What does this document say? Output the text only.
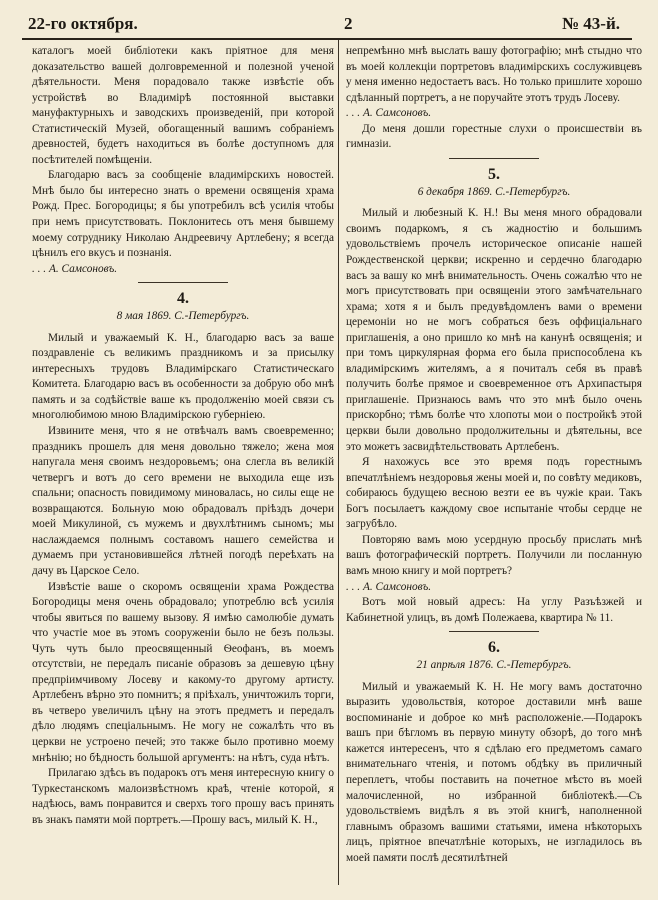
22-го октября.	2	№ 43-й.

каталогъ моей библіотеки какъ пріятное для меня доказательство вашей долговременной и полезной ученой дѣятельности. Меня порадовало также извѣстіе объ устройствѣ во Владимірѣ постоянной выставки мануфактурныхъ и заводскихъ произведеній, при которой Статистическій Музей, обогащенный вашимъ собраніемъ древностей, будетъ находиться въ болѣе доступномъ для посѣтителей помѣщеніи.

Благодарю васъ за сообщеніе владимірскихъ новостей. Мнѣ было бы интересно знать о времени освященія храма Рожд. Прес. Богородицы; я бы употребилъ всѣ усилія чтобы при немъ присутствовать. Поклонитесь отъ меня бывшему моему сотруднику Николаю Андреевичу Артлебену; я всегда цѣнилъ его вкусъ и познанія.

. . . А. Самсоновъ.

4.
8 мая 1869. С.-Петербургъ.

Милый и уважаемый К. Н., благодарю васъ за ваше поздравленіе съ великимъ праздникомъ и за присылку интересныхъ трудовъ Владимірскаго Статистическаго Комитета. Благодарю васъ въ особенности за добрую обо мнѣ память и за содѣйствіе ваше къ продолженію моей связи съ многолюбимою мною Владимірскою губерніею.

Извините меня, что я не отвѣчалъ вамъ своевременно; праздникъ прошелъ для меня довольно тяжело; жена моя напугала меня своимъ нездоровьемъ; она слегла въ великій четвергъ и вотъ до сего времени не выходила еще изъ спальни; опасность повидимому миновалась, но силы еще не возвращаются. Больную мою обрадовалъ пріѣздъ дочери моей Микулиной, съ мужемъ и двухлѣтнимъ сыномъ; мы наслаждаемся полнымъ составомъ нашего семейства и думаемъ при установившейся лѣтней погодѣ переѣхать на дачу въ Царское Село.

Извѣстіе ваше о скоромъ освященіи храма Рождества Богородицы меня очень обрадовало; употреблю всѣ усилія чтобы явиться по вашему вызову. Я имѣю самолюбіе думать что участіе мое въ этомъ сооруженіи было не безъ пользы. Чуть чуть было преосвященный Ѳеофанъ, въ моемъ отсутствіи, не передалъ писаніе образовъ за дешевую цѣну предпріимчивому Лосеву и какому-то другому артисту. Артлебенъ вѣрно это помнитъ; я пріѣхалъ, уничтожилъ торги, въ четверо увеличилъ цѣну на этотъ предметъ и передалъ дѣло людямъ спеціальнымъ. Не могу не сожалѣть что въ церкви не устроено печей; это также было противно моему мнѣнію; но бѣдность большой аргументъ: на нѣтъ, суда нѣтъ.

Прилагаю здѣсь въ подарокъ отъ меня интересную книгу о Туркестанскомъ малоизвѣстномъ краѣ, чтеніе которой, я надѣюсь, вамъ понравится и сверхъ того прошу васъ принять въ знакъ памяти мой портретъ.—Прошу васъ, милый К. Н.,

непремѣнно мнѣ выслать вашу фотографію; мнѣ стыдно что въ моей коллекціи портретовъ владимірскихъ сослуживцевъ у меня именно недостаетъ васъ. Но только пришлите хорошо сдѣланный портретъ, а не поручайте этотъ трудъ Лосеву.

. . . А. Самсоновъ.

До меня дошли горестные слухи о происшествіи въ гимназіи.

5.
6 декабря 1869. С.-Петербургъ.

Милый и любезный К. Н.! Вы меня много обрадовали своимъ подаркомъ, я съ жадностію и большимъ удовольствіемъ прочелъ историческое описаніе нашей Рождественской церкви; искренно и сердечно благодарю васъ за вашу ко мнѣ внимательность. Очень сожалѣю что не могъ присутствовать при освященіи этого замѣчательнаго храма; хотя я и былъ предувѣдомленъ вами о времени церемоніи но не могъ собраться безъ оффиціальнаго приглашенія, а оно пришло ко мнѣ на канунѣ освященія; и при томъ циркулярная форма его была приспособлена къ владимірскимъ жителямъ, а я почиталъ себя въ правѣ получить болѣе прямое и своевременное отъ Архипастыря приглашеніе. Признаюсь вамъ что это мнѣ было очень прискорбно; тѣмъ болѣе что хлопоты мои о постройкѣ этой церкви были довольно продолжительны и дѣятельны, все это можетъ засвидѣтельствовать Артлебенъ.

Я нахожусь все это время подъ горестнымъ впечатлѣніемъ нездоровья жены моей и, по совѣту медиковъ, собираюсь будущею весною везти ее въ чужіе краи. Такъ Богъ посылаетъ каждому свое испытаніе чтобы сердце не загрубѣло.

Повторяю вамъ мою усердную просьбу прислать мнѣ вашъ фотографическій портретъ. Получили ли посланную вамъ мною книгу и мой портретъ?

. . . А. Самсоновъ.

Вотъ мой новый адресъ: На углу Разъѣзжей и Кабинетной улицъ, въ домѣ Полежаева, квартира № 11.

6.
21 апрѣля 1876. С.-Петербургъ.

Милый и уважаемый К. Н. Не могу вамъ достаточно выразить удовольствія, которое доставили мнѣ ваше воспоминаніе и доброе ко мнѣ расположеніе.—Подарокъ вашъ при бѣгломъ въ первую минуту обзорѣ, до того мнѣ кажется интересенъ, что я сдѣлаю его предметомъ самаго внимательнаго чтенія, и потомъ обдѣку въ приличный переплетъ, чтобы поставить на почетное мѣсто въ моей малочисленной, но избранной библіотекѣ.—Съ удовольствіемъ видѣлъ я въ этой книгѣ, наполненной главнымъ образомъ вашими статьями, имена нѣкоторыхъ лицъ, пріятное впечатлѣніе которыхъ, не изгладилось въ моей памяти послѣ десятилѣтней
